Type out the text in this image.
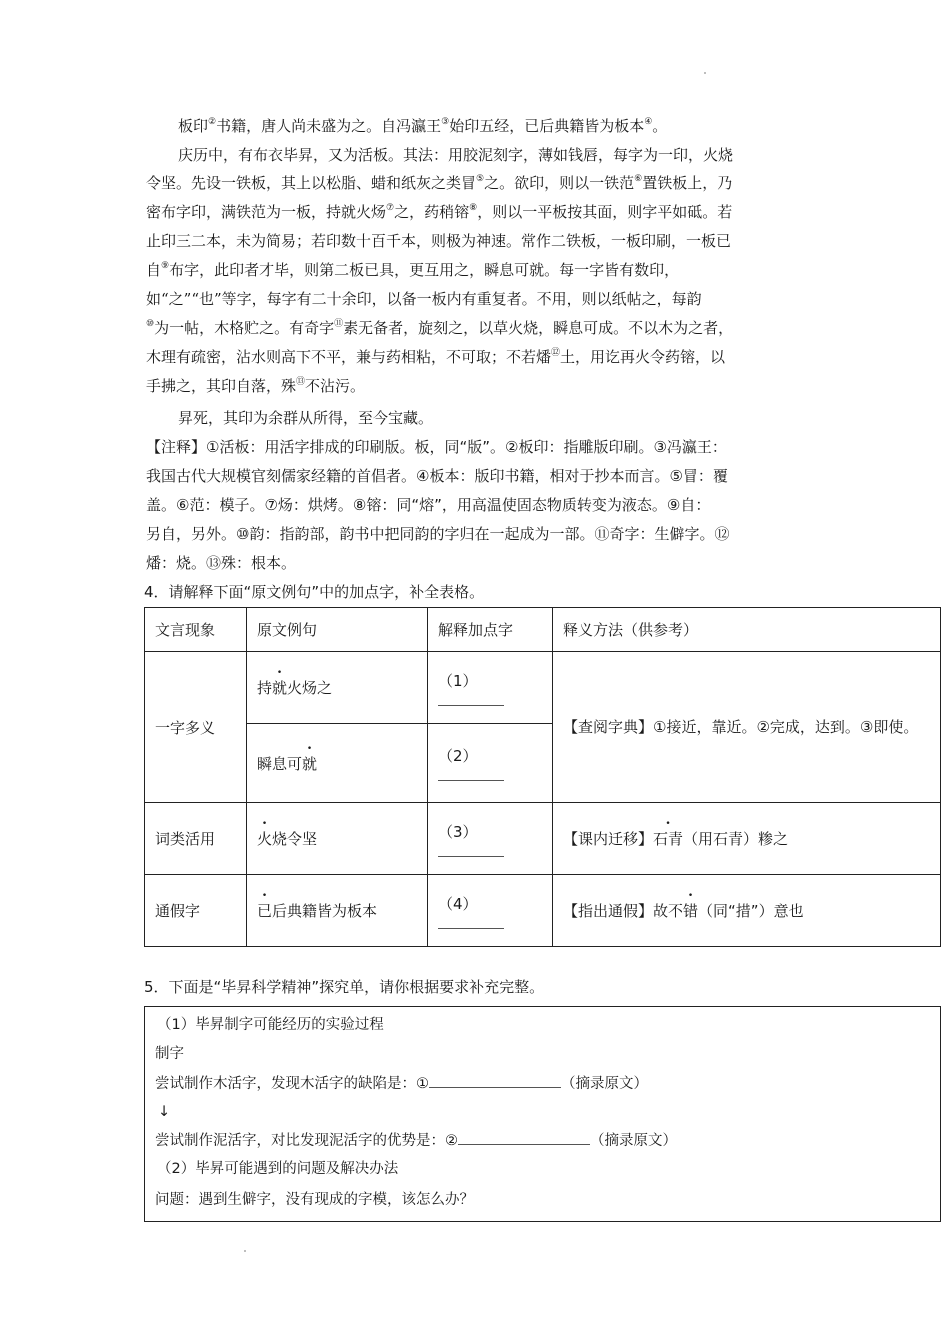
板印②书籍，唐人尚未盛为之。自冯瀛王③始印五经，已后典籍皆为板本④。
庆历中，有布衣毕昇，又为活板。其法：用胶泥刻字，薄如钱唇，每字为一印，火烧
令坚。先设一铁板，其上以松脂、蜡和纸灰之类冒⑤之。欲印，则以一铁范⑥置铁板上，乃
密布字印，满铁范为一板，持就火炀⑦之，药稍镕⑧，则以一平板按其面，则字平如砥。若
止印三二本，未为简易；若印数十百千本，则极为神速。常作二铁板，一板印刷，一板已
自⑨布字，此印者才毕，则第二板已具，更互用之，瞬息可就。每一字皆有数印，
如“之”“也”等字，每字有二十余印，以备一板内有重复者。不用，则以纸帖之，每韵
⑩为一帖，木格贮之。有奇字⑪素无备者，旋刻之，以草火烧，瞬息可成。不以木为之者，
木理有疏密，沾水则高下不平，兼与药相粘，不可取；不若燔⑫土，用讫再火令药镕，以
手拂之，其印自落，殊⑬不沾污。
昇死，其印为余群从所得，至今宝藏。
【注释】①活板：用活字排成的印刷版。板，同“版”。②板印：指雕版印刷。③冯瀛王：
我国古代大规模官刻儒家经籍的首倡者。④板本：版印书籍，相对于抄本而言。⑤冒：覆
盖。⑥范：模子。⑦炀：烘烤。⑧镕：同“熔”，用高温使固态物质转变为液态。⑨自：
另自，另外。⑩韵：指韵部，韵书中把同韵的字归在一起成为一部。⑪奇字：生僻字。⑫
燔：烧。⑬殊：根本。
4．请解释下面“原文例句”中的加点字，补全表格。
文言现象	原文例句	解释加点字	释义方法（供参考）
一字多义	持就火炀之	（1）	【查阅字典】①接近，靠近。②完成，达到。③即使。
	瞬息可就	（2）	

词类活用	火烧令坚	（3）	【课内迁移】石青（用石青）糁之
通假字	已后典籍皆为板本	（4）	【指出通假】故不错（同“措”）意也
5．下面是“毕昇科学精神”探究单，请你根据要求补充完整。
（1）毕昇制字可能经历的实验过程
制字
尝试制作木活字，发现木活字的缺陷是：①	（摘录原文）
↓
尝试制作泥活字，对比发现泥活字的优势是：②	（摘录原文）
（2）毕昇可能遇到的问题及解决办法
问题：遇到生僻字，没有现成的字模，该怎么办？
